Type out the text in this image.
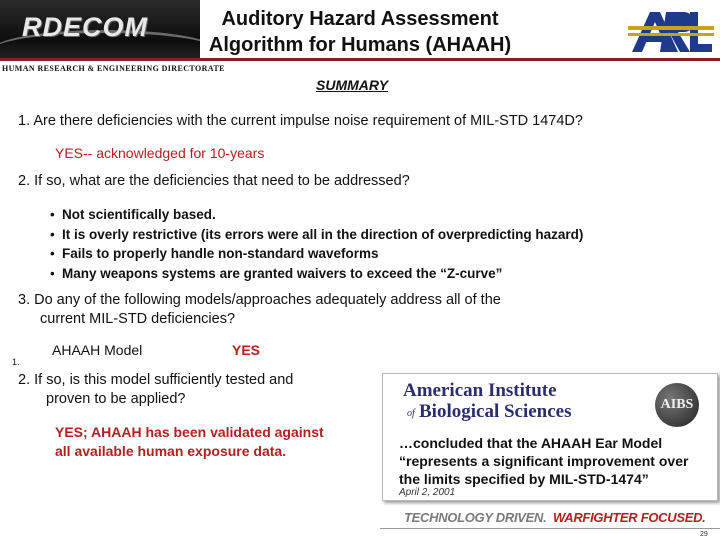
RDECOM
HUMAN RESEARCH & ENGINEERING DIRECTORATE
Auditory Hazard Assessment
Algorithm for Humans (AHAAH)
SUMMARY
1. Are there deficiencies with the current impulse noise requirement of MIL-STD 1474D?
YES-- acknowledged for 10-years
2. If so, what are the deficiencies that need to be addressed?
• Not scientifically based.
• It is overly restrictive (its errors were all in the direction of overpredicting hazard)
• Fails to properly handle non-standard waveforms
• Many weapons systems are granted waivers to exceed the “Z-curve”
3. Do any of the following models/approaches adequately address all of the
current MIL-STD deficiencies?
AHAAH Model	YES
1.
2. If so, is this model sufficiently tested and
proven to be applied?
YES; AHAAH has been validated against
all available human exposure data.
American Institute
of Biological Sciences	AIBS
…concluded that the AHAAH Ear Model “represents a significant improvement over the limits specified by MIL-STD-1474”
April 2, 2001
TECHNOLOGY DRIVEN. WARFIGHTER FOCUSED.
29
